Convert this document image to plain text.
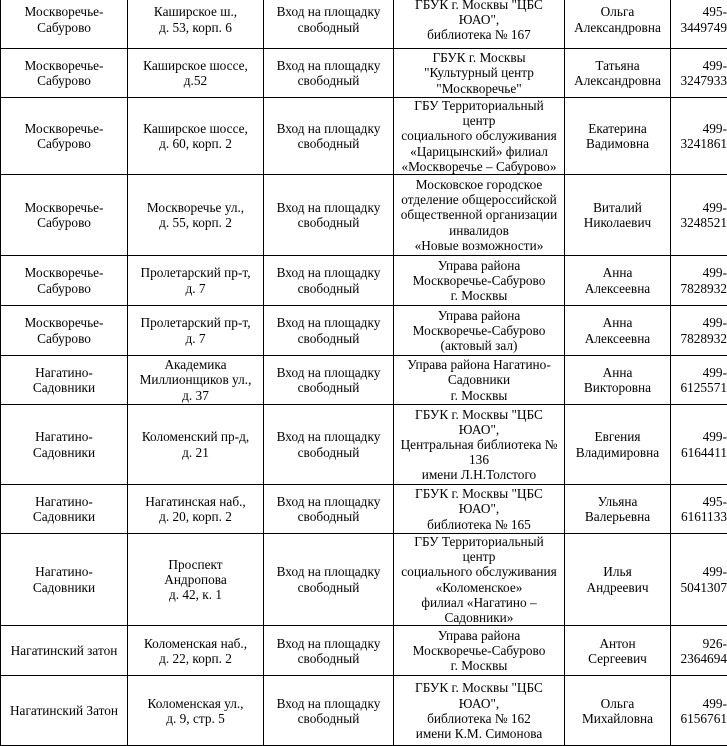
Москворечье-
Сабурово	Каширское ш.,
д. 53, корп. 6	Вход на площадку
свободный	ГБУК г. Москвы "ЦБС
ЮАО",
библиотека № 167	Ольга
Александровна	495-
3449749

Москворечье-
Сабурово	Каширское шоссе,
д.52	Вход на площадку
свободный	ГБУК г. Москвы
"Культурный центр
"Москворечье"	Татьяна
Александровна	499-
3247933

Москворечье-
Сабурово	Каширское шоссе,
д. 60, корп. 2	Вход на площадку
свободный	ГБУ Территориальный центр
социального обслуживания
«Царицынский» филиал
«Москворечье – Сабурово»	Екатерина
Вадимовна	499-
3241861

Москворечье-
Сабурово	Москворечье ул.,
д. 55, корп. 2	Вход на площадку
свободный	Московское городское
отделение общероссийской
общественной организации
инвалидов
«Новые возможности»	Виталий
Николаевич	499-
3248521

Москворечье-
Сабурово	Пролетарский пр-т,
д. 7	Вход на площадку
свободный	Управа района
Москворечье-Сабурово
г. Москвы	Анна
Алексеевна	499-
7828932

Москворечье-
Сабурово	Пролетарский пр-т,
д. 7	Вход на площадку
свободный	Управа района
Москворечье-Сабурово
(актовый зал)	Анна
Алексеевна	499-
7828932

Нагатино-
Садовники	Академика
Миллионщиков ул.,
д. 37	Вход на площадку
свободный	Управа района Нагатино-
Садовники
г. Москвы	Анна
Викторовна	499-
6125571

Нагатино-
Садовники	Коломенский пр-д,
д. 21	Вход на площадку
свободный	ГБУК г. Москвы "ЦБС
ЮАО",
Центральная библиотека №
136
имени Л.Н.Толстого	Евгения
Владимировна	499-
6164411

Нагатино-
Садовники	Нагатинская наб.,
д. 20, корп. 2	Вход на площадку
свободный	ГБУК г. Москвы "ЦБС
ЮАО",
библиотека № 165	Ульяна
Валерьевна	495-
6161133

Нагатино-
Садовники	Проспект
Андропова
д. 42, к. 1	Вход на площадку
свободный	ГБУ Территориальный центр
социального обслуживания
«Коломенское»
филиал «Нагатино –
Садовники»	Илья
Андреевич	499-
5041307

Нагатинский затон	Коломенская наб.,
д. 22, корп. 2	Вход на площадку
свободный	Управа района
Москворечье-Сабурово
г. Москвы	Антон
Сергеевич	926-
2364694

Нагатинский Затон	Коломенская ул.,
д. 9, стр. 5	Вход на площадку
свободный	ГБУК г. Москвы "ЦБС
ЮАО",
библиотека № 162
имени К.М. Симонова	Ольга
Михайловна	499-
6156761
